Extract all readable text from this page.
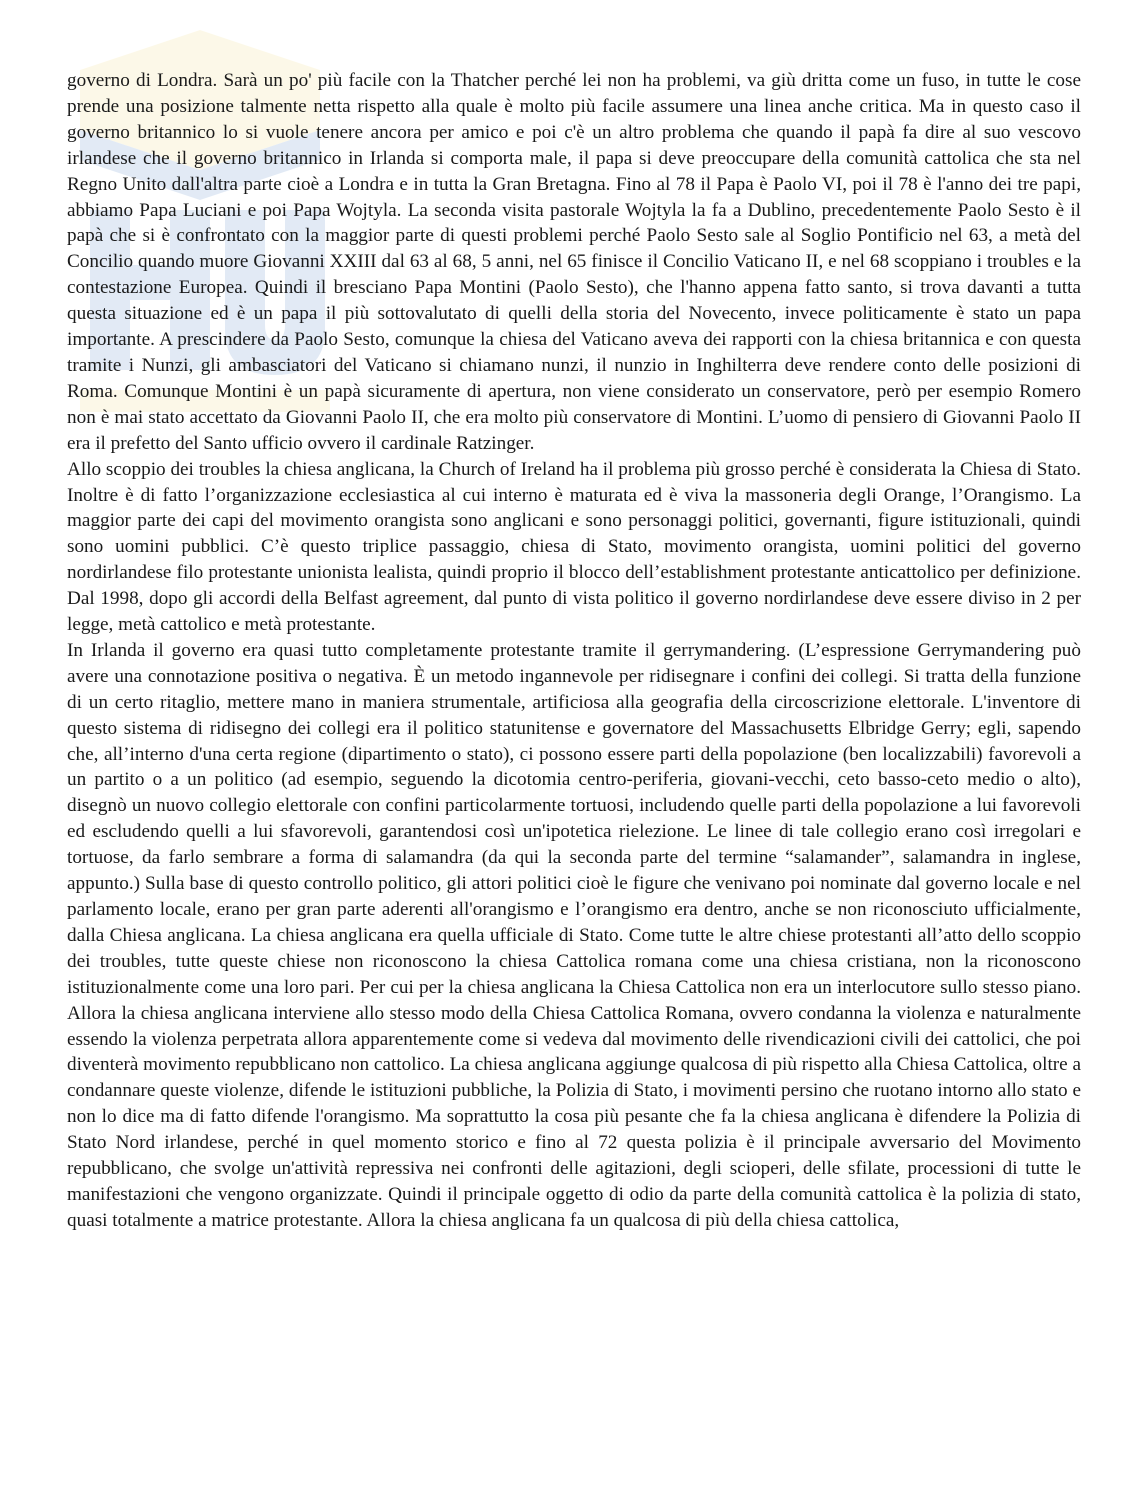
governo di Londra. Sarà un po' più facile con la Thatcher perché lei non ha problemi, va giù dritta come un fuso, in tutte le cose prende una posizione talmente netta rispetto alla quale è molto più facile assumere una linea anche critica. Ma in questo caso il governo britannico lo si vuole tenere ancora per amico e poi c'è un altro problema che quando il papà fa dire al suo vescovo irlandese che il governo britannico in Irlanda si comporta male, il papa si deve preoccupare della comunità cattolica che sta nel Regno Unito dall'altra parte cioè a Londra e in tutta la Gran Bretagna. Fino al 78 il Papa è Paolo VI, poi il 78 è l'anno dei tre papi, abbiamo Papa Luciani e poi Papa Wojtyla. La seconda visita pastorale Wojtyla la fa a Dublino, precedentemente Paolo Sesto è il papà che si è confrontato con la maggior parte di questi problemi perché Paolo Sesto sale al Soglio Pontificio nel 63, a metà del Concilio quando muore Giovanni XXIII dal 63 al 68, 5 anni, nel 65 finisce il Concilio Vaticano II, e nel 68 scoppiano i troubles e la contestazione Europea. Quindi il bresciano Papa Montini (Paolo Sesto), che l'hanno appena fatto santo, si trova davanti a tutta questa situazione ed è un papa il più sottovalutato di quelli della storia del Novecento, invece politicamente è stato un papa importante. A prescindere da Paolo Sesto, comunque la chiesa del Vaticano aveva dei rapporti con la chiesa britannica e con questa tramite i Nunzi, gli ambasciatori del Vaticano si chiamano nunzi, il nunzio in Inghilterra deve rendere conto delle posizioni di Roma. Comunque Montini è un papà sicuramente di apertura, non viene considerato un conservatore, però per esempio Romero non è mai stato accettato da Giovanni Paolo II, che era molto più conservatore di Montini. L’uomo di pensiero di Giovanni Paolo II era il prefetto del Santo ufficio ovvero il cardinale Ratzinger.

Allo scoppio dei troubles la chiesa anglicana, la Church of Ireland ha il problema più grosso perché è considerata la Chiesa di Stato. Inoltre è di fatto l’organizzazione ecclesiastica al cui interno è maturata ed è viva la massoneria degli Orange, l’Orangismo. La maggior parte dei capi del movimento orangista sono anglicani e sono personaggi politici, governanti, figure istituzionali, quindi sono uomini pubblici. C’è questo triplice passaggio, chiesa di Stato, movimento orangista, uomini politici del governo nordirlandese filo protestante unionista lealista, quindi proprio il blocco dell’establishment protestante anticattolico per definizione. Dal 1998, dopo gli accordi della Belfast agreement, dal punto di vista politico il governo nordirlandese deve essere diviso in 2 per legge, metà cattolico e metà protestante.

In Irlanda il governo era quasi tutto completamente protestante tramite il gerrymandering. (L’espressione Gerrymandering può avere una connotazione positiva o negativa. È un metodo ingannevole per ridisegnare i confini dei collegi. Si tratta della funzione di un certo ritaglio, mettere mano in maniera strumentale, artificiosa alla geografia della circoscrizione elettorale. L'inventore di questo sistema di ridisegno dei collegi era il politico statunitense e governatore del Massachusetts Elbridge Gerry; egli, sapendo che, all’interno d'una certa regione (dipartimento o stato), ci possono essere parti della popolazione (ben localizzabili) favorevoli a un partito o a un politico (ad esempio, seguendo la dicotomia centro-periferia, giovani-vecchi, ceto basso-ceto medio o alto), disegnò un nuovo collegio elettorale con confini particolarmente tortuosi, includendo quelle parti della popolazione a lui favorevoli ed escludendo quelli a lui sfavorevoli, garantendosi così un'ipotetica rielezione. Le linee di tale collegio erano così irregolari e tortuose, da farlo sembrare a forma di salamandra (da qui la seconda parte del termine “salamander”, salamandra in inglese, appunto.) Sulla base di questo controllo politico, gli attori politici cioè le figure che venivano poi nominate dal governo locale e nel parlamento locale, erano per gran parte aderenti all'orangismo e l’orangismo era dentro, anche se non riconosciuto ufficialmente, dalla Chiesa anglicana. La chiesa anglicana era quella ufficiale di Stato. Come tutte le altre chiese protestanti all’atto dello scoppio dei troubles, tutte queste chiese non riconoscono la chiesa Cattolica romana come una chiesa cristiana, non la riconoscono istituzionalmente come una loro pari. Per cui per la chiesa anglicana la Chiesa Cattolica non era un interlocutore sullo stesso piano. Allora la chiesa anglicana interviene allo stesso modo della Chiesa Cattolica Romana, ovvero condanna la violenza e naturalmente essendo la violenza perpetrata allora apparentemente come si vedeva dal movimento delle rivendicazioni civili dei cattolici, che poi diventerà movimento repubblicano non cattolico. La chiesa anglicana aggiunge qualcosa di più rispetto alla Chiesa Cattolica, oltre a condannare queste violenze, difende le istituzioni pubbliche, la Polizia di Stato, i movimenti persino che ruotano intorno allo stato e non lo dice ma di fatto difende l'orangismo. Ma soprattutto la cosa più pesante che fa la chiesa anglicana è difendere la Polizia di Stato Nord irlandese, perché in quel momento storico e fino al 72 questa polizia è il principale avversario del Movimento repubblicano, che svolge un'attività repressiva nei confronti delle agitazioni, degli scioperi, delle sfilate, processioni di tutte le manifestazioni che vengono organizzate. Quindi il principale oggetto di odio da parte della comunità cattolica è la polizia di stato, quasi totalmente a matrice protestante. Allora la chiesa anglicana fa un qualcosa di più della chiesa cattolica,
